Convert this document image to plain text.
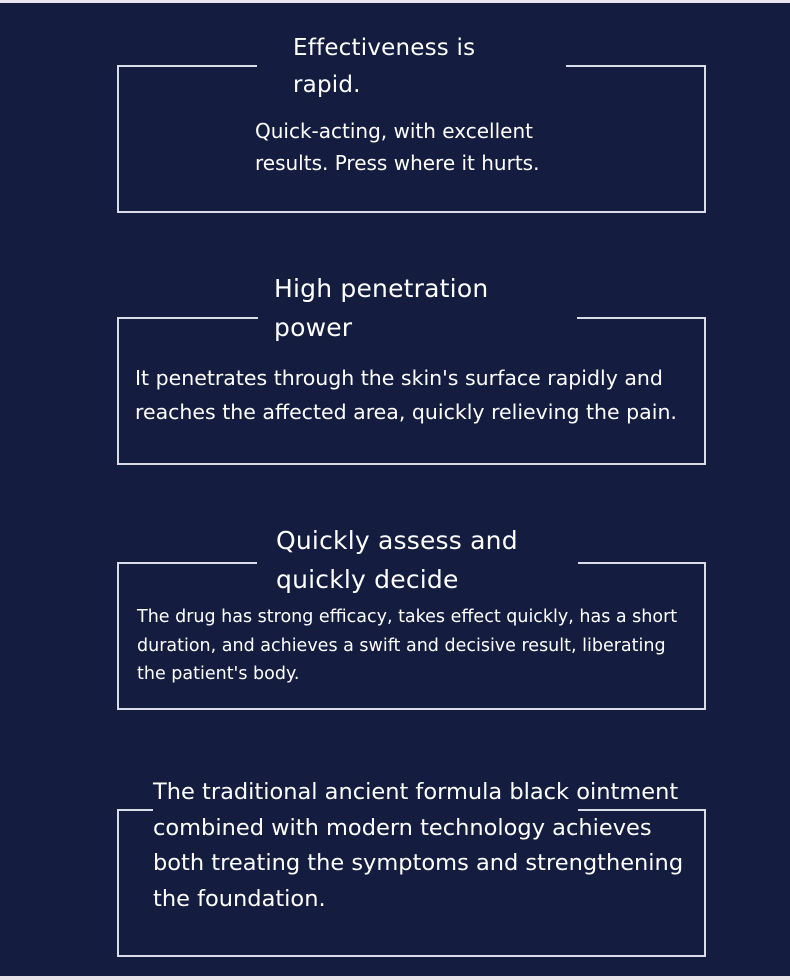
Effectiveness is rapid.

Quick-acting, with excellent results. Press where it hurts.

High penetration power

It penetrates through the skin's surface rapidly and reaches the affected area, quickly relieving the pain.

Quickly assess and quickly decide

The drug has strong efficacy, takes effect quickly, has a short duration, and achieves a swift and decisive result, liberating the patient's body.

The traditional ancient formula black ointment combined with modern technology achieves both treating the symptoms and strengthening the foundation.
